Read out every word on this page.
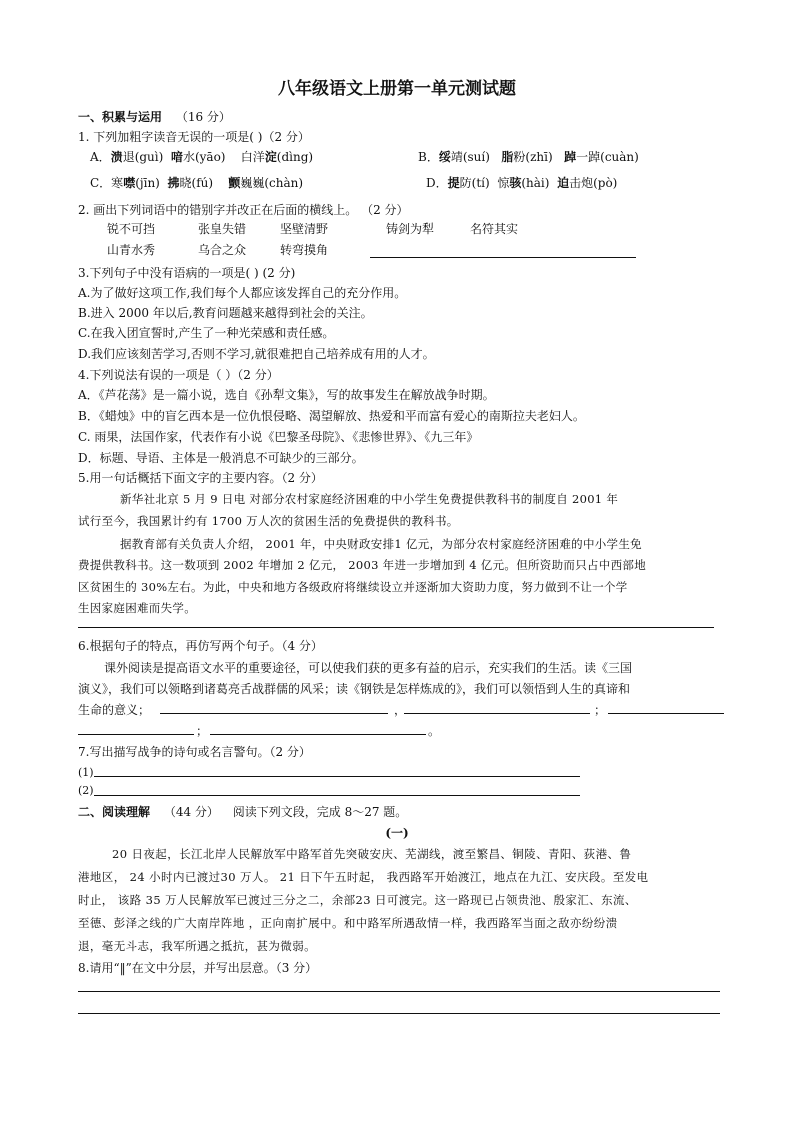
八年级语文上册第一单元测试题
一、积累与运用 （16 分）
1. 下列加粗字读音无误的一项是( )（2 分）
A．溃退(guì) 喑水(yāo) 白洋淀(dìng)	B．绥靖(suí) 脂粉(zhī) 踔一踔(cuàn)
C．寒噤(jīn) 拂晓(fú) 颤巍巍(chàn)	D．提防(tí) 惊骇(hài) 迫击炮(pò)
2. 画出下列词语中的错别字并改正在后面的横线上。 （2 分）
锐不可挡	张皇失错	坚壁清野	铸剑为犁	名符其实
山青水秀	乌合之众	转弯摸角
3.下列句子中没有语病的一项是( ) (2 分)
A.为了做好这项工作,我们每个人都应该发挥自己的充分作用。
B.进入 2000 年以后,教育问题越来越得到社会的关注。
C.在我入团宣誓时,产生了一种光荣感和责任感。
D.我们应该刻苦学习,否则不学习,就很难把自己培养成有用的人才。
4.下列说法有误的一项是（ ）（2 分）
A．《芦花荡》是一篇小说，选自《孙犁文集》，写的故事发生在解放战争时期。
B．《蜡烛》中的盲乞西本是一位仇恨侵略、渴望解放、热爱和平而富有爱心的南斯拉夫老妇人。
C. 雨果，法国作家，代表作有小说《巴黎圣母院》、《悲惨世界》、《九三年》
D．标题、导语、主体是一般消息不可缺少的三部分。
5.用一句话概括下面文字的主要内容。（2 分）
新华社北京 5 月 9 日电 对部分农村家庭经济困难的中小学生免费提供教科书的制度自 2001 年
试行至今，我国累计约有 1700 万人次的贫困生活的免费提供的教科书。
据教育部有关负责人介绍， 2001 年，中央财政安排1 亿元，为部分农村家庭经济困难的中小学生免
费提供教科书。这一数项到 2002 年增加 2 亿元， 2003 年进一步增加到 4 亿元。但所资助而只占中西部地
区贫困生的 30%左右。为此，中央和地方各级政府将继续设立并逐渐加大资助力度，努力做到不让一个学
生因家庭困难而失学。
6.根据句子的特点，再仿写两个句子。（4 分）
课外阅读是提高语文水平的重要途径，可以使我们获的更多有益的启示，充实我们的生活。读《三国
演义》，我们可以领略到诸葛亮舌战群儒的风采；读《钢铁是怎样炼成的》，我们可以领悟到人生的真谛和
生命的意义；	，	；
；	。
7.写出描写战争的诗句或名言警句。（2 分）
(1)
(2)
二、阅读理解 （44 分） 阅读下列文段，完成 8～27 题。
(一)
20 日夜起，长江北岸人民解放军中路军首先突破安庆、芜湖线，渡至繁昌、铜陵、青阳、荻港、鲁
港地区， 24 小时内已渡过30 万人。 21 日下午五时起， 我西路军开始渡江，地点在九江、安庆段。至发电
时止， 该路 35 万人民解放军已渡过三分之二，余部23 日可渡完。这一路现已占领贵池、殷家汇、东流、
至德、彭泽之线的广大南岸阵地 ，正向南扩展中。和中路军所遇敌情一样，我西路军当面之敌亦纷纷溃
退，毫无斗志，我军所遇之抵抗，甚为微弱。
8.请用“‖”在文中分层，并写出层意。（3 分）
